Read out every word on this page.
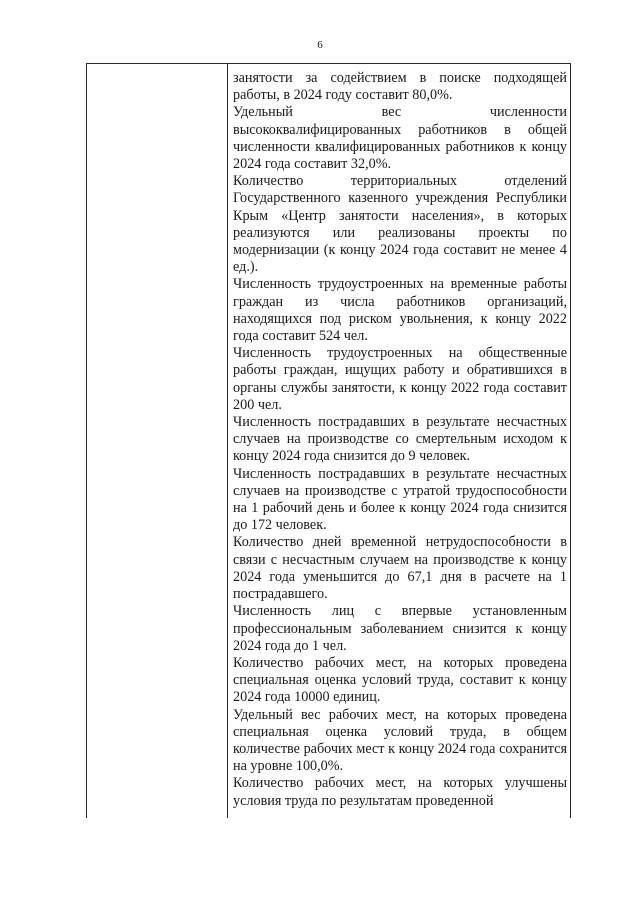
6

занятости за содействием в поиске подходящей работы, в 2024 году составит 80,0%.

Удельный вес численности высококвалифицированных работников в общей численности квалифицированных работников к концу 2024 года составит 32,0%.

Количество территориальных отделений Государственного казенного учреждения Республики Крым «Центр занятости населения», в которых реализуются или реализованы проекты по модернизации (к концу 2024 года составит не менее 4 ед.).

Численность трудоустроенных на временные работы граждан из числа работников организаций, находящихся под риском увольнения, к концу 2022 года составит 524 чел.

Численность трудоустроенных на общественные работы граждан, ищущих работу и обратившихся в органы службы занятости, к концу 2022 года составит 200 чел.

Численность пострадавших в результате несчастных случаев на производстве со смертельным исходом к концу 2024 года снизится до 9 человек.

Численность пострадавших в результате несчастных случаев на производстве с утратой трудоспособности на 1 рабочий день и более к концу 2024 года снизится до 172 человек.

Количество дней временной нетрудоспособности в связи с несчастным случаем на производстве к концу 2024 года уменьшится до 67,1 дня в расчете на 1 пострадавшего.

Численность лиц с впервые установленным профессиональным заболеванием снизится к концу 2024 года до 1 чел.

Количество рабочих мест, на которых проведена специальная оценка условий труда, составит к концу 2024 года 10000 единиц.

Удельный вес рабочих мест, на которых проведена специальная оценка условий труда, в общем количестве рабочих мест к концу 2024 года сохранится на уровне 100,0%.

Количество рабочих мест, на которых улучшены условия труда по результатам проведенной
